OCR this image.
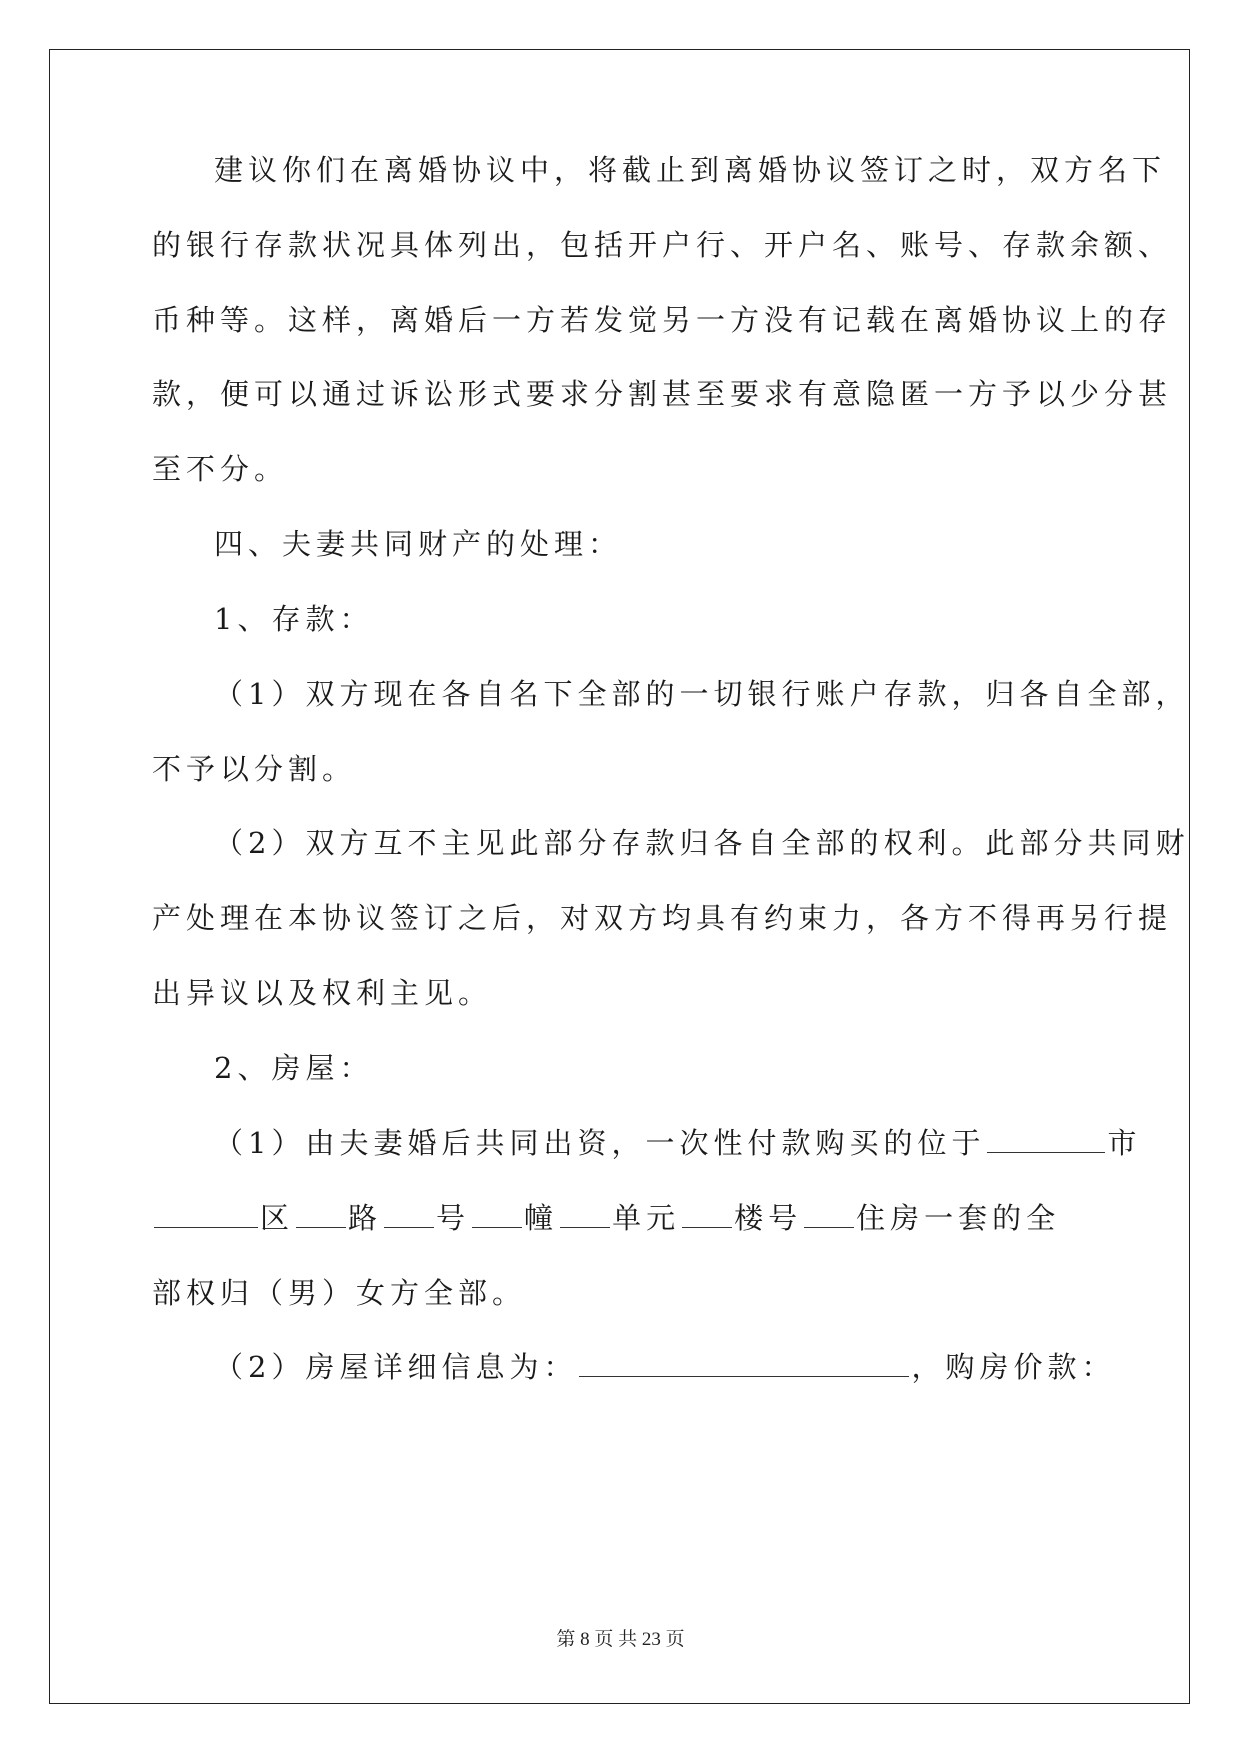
建议你们在离婚协议中，将截止到离婚协议签订之时，双方名下
的银行存款状况具体列出，包括开户行、开户名、账号、存款余额、
币种等。这样，离婚后一方若发觉另一方没有记载在离婚协议上的存
款，便可以通过诉讼形式要求分割甚至要求有意隐匿一方予以少分甚
至不分。
四、夫妻共同财产的处理：
1、存款：
（1）双方现在各自名下全部的一切银行账户存款，归各自全部，
不予以分割。
（2）双方互不主见此部分存款归各自全部的权利。此部分共同财
产处理在本协议签订之后，对双方均具有约束力，各方不得再另行提
出异议以及权利主见。
2、房屋：
（1）由夫妻婚后共同出资，一次性付款购买的位于	市
区 路 号 幢 单元 楼号 住房一套的全
部权归（男）女方全部。
（2）房屋详细信息为：	，购房价款：
第 8 页 共 23 页
